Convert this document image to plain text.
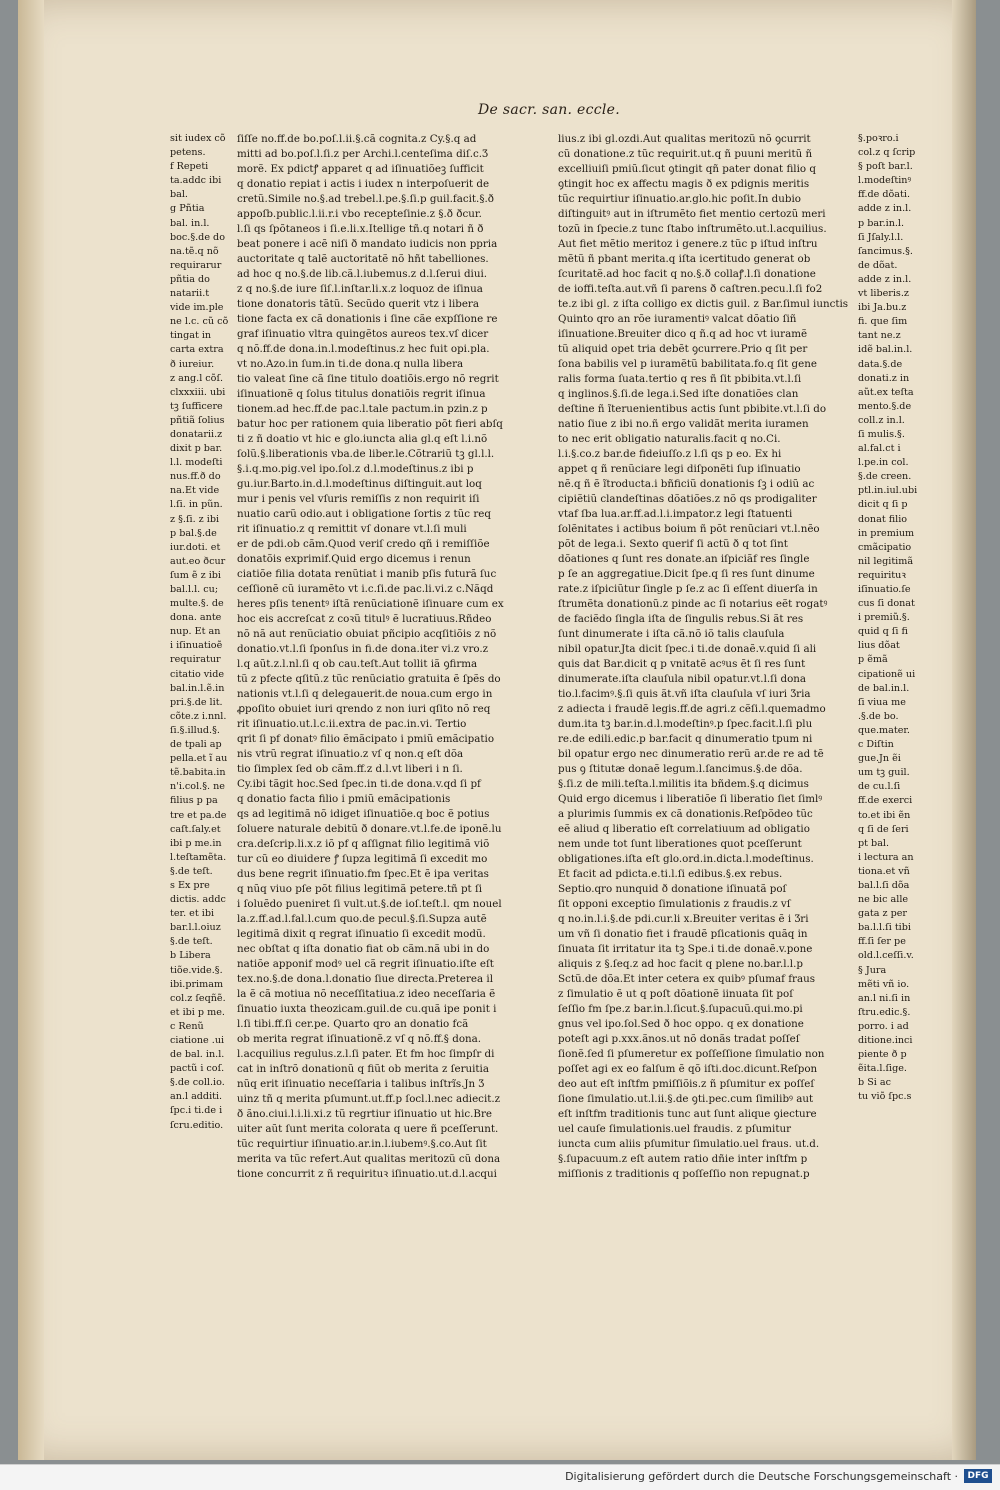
De sacr. san. eccle.

sit iudex cõ

petens.

f Repeti

ta.addc ibi

bal.

g Pñtia

bal. in.l.

boc.§.de do

na.tẽ.q nõ

requirarur

pñtia do

natarii.t

vide im.ple

ne l.c. cũ cõ

tingat in

carta extra

ð iureiur.

z ang.l cõſ.

clxxxiii. ubi

tꝫ ſufficere

pñtiã ſolius

donatarii.z

dixit p bar.

l.l. modeſti

nus.ff.ð do

na.Et vide

l.ſi. in pũn.

z §.ſi. z ibi

p bal.§.de

iur.doti. et

aut.eo ðcur

ſum ẽ z ibi

bal.l.l. cu;

multe.§. de

dona. ante

nup. Et an

i iſinuatioẽ

requiratur

citatio vide

bal.in.l.ẽ.in

pri.§.de lit.

cõte.z i.nnl.

ſi.§.illud.§.

de tpali ap

pella.et ĩ au

tẽ.babita.in

n'i.col.§. ne

filius p pa

tre et pa.de

caſt.ſaly.et

ibi p me.in

l.teſtamẽta.

§.de teſt.

s Ex pre

dictis. addc

ter. et ibi

bar.l.l.oiuz

§.de teſt.

b Libera

tiõe.vide.§.

ibi.primam

col.z ſeqñẽ.

et ibi p me.

c Renũ

ciatione .ui

de bal. in.l.

pactũ i coſ.

§.de coll.io.

an.l additi.

ſpc.i ti.de i

ſcru.editio.

ſiſſe no.ff.de bo.poſ.l.ii.§.cã cognita.z Cy.§.q ad

mitti ad bo.poſ.l.ſi.z per Archi.l.centeſima diſ.c.Ʒ

morẽ. Ex pdictꝭ apparet q ad iſinuatiõeꝫ ſufficit

q donatio repiat i actis i iudex n interpoſuerit de

cretũ.Simile no.§.ad trebel.l.pe.§.ſi.p guil.facit.§.ð

appoſb.public.l.ii.r.i vbo recepteſinie.z §.ð ðcur.

l.ſi qs ſpõtaneos i ſi.e.li.x.Itellige tñ.q notari ñ ð

beat ponere i acẽ niſi ð mandato iudicis non ppria

auctoritate q talẽ auctoritatẽ nõ hñt tabelliones.

ad hoc q no.§.de lib.cã.l.iubemus.z d.l.ſerui diui.

z q no.§.de iure ſiſ.l.inſtar.li.x.z loquoz de iſinua

tione donatoris tãtũ. Secũdo querit vtz i libera

tione facta ex cã donationis i ſine cãe expſſione re

graf iſinuatio vltra quingẽtos aureos tex.vſ dicer

q nõ.ff.de dona.in.l.modeſtinus.z hec fuit opi.pla.

vt no.Azo.in ſum.in ti.de dona.q nulla libera

tio valeat ſine cã ſine titulo doatiõis.ergo nõ regrit

iſinuationẽ q ſolus titulus donatiõis regrit iſinua

tionem.ad hec.ff.de pac.l.tale pactum.in pzin.z p

batur hoc per rationem quia liberatio põt fieri abſq

ti z ñ doatio vt hic e glo.iuncta alia gl.q eſt l.i.nõ

ſolũ.§.liberationis vba.de liber.le.Cõtrariũ tꝫ gl.l.l.

§.i.q.mo.pig.vel ipo.ſol.z d.l.modeſtinus.z ibi p

gu.iur.Barto.in.d.l.modeſtinus diſtinguit.aut loq

mur i penis vel vſuris remiſſis z non requirit iſi

nuatio carũ odio.aut i obligatione ſortis z tũc req

rit iſinuatio.z q remittit vſ donare vt.l.ſi muli

er de pdi.ob cãm.Quod veriſ credo qñ i remiſſiõe

donatõis exprimif.Quid ergo dicemus i renun

ciatiõe filia dotata renũtiat i manib pſis futurã ſuc

ceſſionẽ cũ iuramẽto vt i.c.ſi.de pac.li.vi.z c.Nãqd

heres pſis tenentꝰ iſtã renũciationẽ iſinuare cum ex

hoc eis accreſcat z coꝛũ titulꝰ ẽ lucratiuus.Rñdeo

nõ nã aut renũciatio obuiat pñcipio acqſitiõis z nõ

donatio.vt.l.ſi ſponſus in fi.de dona.iter vi.z vro.z

l.q aũt.z.l.nl.ſi q ob cau.teſt.Aut tollit iã ꝯfirma

tũ z pfecte qſitũ.z tũc renũciatio gratuita ẽ ſpẽs do

nationis vt.l.ſi q delegauerit.de noua.cum ergo in

ꝓpoſito obuiet iuri qrendo z non iuri qſito nõ req

rit iſinuatio.ut.l.c.ii.extra de pac.in.vi. Tertio

qrit ſi pf donatꝰ filio ẽmãcipato i pmiũ emãcipatio

nis vtrũ regrat iſinuatio.z vſ q non.q eſt dõa

tio ſimplex ſed ob cãm.ff.z d.l.vt liberi i n ſi.

Cy.ibi tãgit hoc.Sed ſpec.in ti.de dona.v.qd ſi pf

q donatio facta filio i pmiũ emãcipationis

qs ad legitimã nõ idiget iſinuatiõe.q boc ẽ potius

ſoluere naturale debitũ ð donare.vt.l.fe.de iponẽ.lu

cra.deſcrip.li.x.z iõ pf q aſſignat filio legitimã viõ

tur cũ eo diuidere ꝭ ſupza legitimã ſi excedit mo

dus bene regrit iſinuatio.fm ſpec.Et ẽ ipa veritas

q nũq viuo pſe põt filius legitimã petere.tñ pt ſi

i ſoluẽdo pueniret ſi vult.ut.§.de ioſ.teſt.l. qm nouel

la.z.ff.ad.l.fal.l.cum quo.de pecul.§.ſi.Supza autẽ

legitimã dixit q regrat iſinuatio ſi excedit modũ.

nec obſtat q iſta donatio fiat ob cãm.nã ubi in do

natiõe apponif modꝰ uel cã regrit iſinuatio.iſte eſt

tex.no.§.de dona.l.donatio ſiue directa.Preterea il

la ẽ cã motiua nõ neceſſitatiua.z ideo neceſſaria ẽ

ſinuatio iuxta theozicam.guil.de cu.quã ipe ponit i

l.ſi tibi.ff.ſi cer.pe. Quarto qro an donatio fcã

ob merita regrat iſinuationẽ.z vſ q nõ.ff.§ dona.

l.acquilius regulus.z.l.ſi pater. Et fm hoc ſimpſr di

cat in inſtrõ donationũ q fiũt ob merita z ſeruitia

nũq erit iſinuatio neceſſaria i talibus inſtrĩs.Jn Ʒ

uinz tñ q merita pſumunt.ut.ff.p ſocl.l.nec adiecit.z

ð ãno.ciui.l.i.li.xi.z tũ regrtiur iſinuatio ut hic.Bre

uiter aũt ſunt merita colorata q uere ñ pceſſerunt.

tũc requirtiur iſinuatio.ar.in.l.iubemꝰ.§.co.Aut ſit

merita va tũc refert.Aut qualitas meritozũ cũ dona

tione concurrit z ñ requirituꝛ iſinuatio.ut.d.l.acqui

lius.z ibi gl.ozdi.Aut qualitas meritozũ nõ ꝯcurrit

cũ donatione.z tũc requirit.ut.q ñ puuni meritũ ñ

excelliuiſi pmiũ.ſicut ꝯtingit qñ pater donat filio q

ꝯtingit hoc ex affectu magis ð ex pdignis meritis

tũc requirtiur iſinuatio.ar.glo.hic poſit.In dubio

diſtinguitꝰ aut in iſtrumẽto fiet mentio certozũ meri

tozũ in ſpecie.z tunc ſtabo inſtrumẽto.ut.l.acquilius.

Aut fiet mẽtio meritoz i genere.z tũc p iſtud inſtru

mẽtũ ñ pbant merita.q iſta icertitudo generat ob

ſcuritatẽ.ad hoc facit q no.§.ð collaꝭ.l.ſi donatione

de ioffi.teſta.aut.vñ ſi parens ð caſtren.pecu.l.ſi fo2

te.z ibi gl. z iſta colligo ex dictis guil. z Bar.ſimul iunctis

Quinto qro an rõe iuramentiꝰ valcat dõatio ſiñ

iſinuatione.Breuiter dico q ñ.q ad hoc vt iuramẽ

tũ aliquid opet tria debẽt ꝯcurrere.Prio q ſit per

ſona babilis vel p iuramẽtũ babilitata.fo.q ſit gene

ralis forma ſuata.tertio q res ñ ſit pbibita.vt.l.ſi

q inglinos.§.ſi.de lega.i.Sed iſte donatiões clan

deſtine ñ ĩteruenientibus actis ſunt pbibite.vt.l.ſi do

natio ſiue z ibi no.ñ ergo validãt merita iuramen

to nec erit obligatio naturalis.facit q no.Ci.

l.i.§.co.z bar.de fideiuſſo.z l.ſi qs p eo. Ex hi

appet q ñ renũciare legi diſponẽti ſup iſinuatio

nẽ.q ñ ẽ ĩtroducta.i bñficiũ donationis ſꝫ i odiũ ac

cipiẽtiũ clandeſtinas dõatiões.z nõ qs prodigaliter

vtaf ſba lua.ar.ff.ad.l.i.impator.z legi ſtatuenti

ſolẽnitates i actibus boium ñ põt renũciari vt.l.nẽo

põt de lega.i. Sexto querif ſi actũ ð q tot ſint

dõationes q ſunt res donate.an iſpiciãf res ſingle

p ſe an aggregatiue.Dicit ſpe.q ſi res ſunt dinume

rate.z iſpiciũtur ſingle p ſe.z ac ſi eſſent diuerſa in

ſtrumẽta donationũ.z pinde ac ſi notarius eẽt rogatꝰ

de faciẽdo ſingla iſta de ſingulis rebus.Si ãt res

ſunt dinumerate i iſta cã.nõ iõ talis clauſula

nibil opatur.Jta dicit ſpec.i ti.de donaẽ.v.quid ſi ali

quis dat Bar.dicit q p vnitatẽ acꝰus ẽt ſi res ſunt

dinumerate.iſta clauſula nibil opatur.vt.l.ſi dona

tio.l.facimꝰ.§.ſi quis ãt.vñ iſta clauſula vſ iuri Ʒria

z adiecta i fraudẽ legis.ff.de agri.z cẽſi.l.quemadmo

dum.ita tꝫ bar.in.d.l.modeſtinꝰ.p ſpec.facit.l.ſi plu

re.de edili.edic.p bar.facit q dinumeratio tpum ni

bil opatur ergo nec dinumeratio rerũ ar.de re ad tẽ

pus ꝯ ſtitutæ donaẽ legum.l.ſancimus.§.de dõa.

§.ſi.z de mili.teſta.l.militis ita bñdem.§.q dicimus

Quid ergo dicemus i liberatiõe ſi liberatio ſiet ſimlꝰ

a plurimis ſummis ex cã donationis.Reſpõdeo tũc

eẽ aliud q liberatio eſt correlatiuum ad obligatio

nem unde tot ſunt liberationes quot pceſſerunt

obligationes.iſta eſt glo.ord.in.dicta.l.modeſtinus.

Et facit ad pdicta.e.ti.l.ſi edibus.§.ex rebus.

Septio.qro nunquid ð donatione iſinuatã poſ

ſit opponi exceptio ſimulationis z fraudis.z vſ

q no.in.l.i.§.de pdi.cur.li x.Breuiter veritas ẽ i Ʒri

um vñ ſi donatio fiet i fraudẽ pſicationis quãq in

ſinuata ſit irritatur ita tꝫ Spe.i ti.de donaẽ.v.pone

aliquis z §.ſeq.z ad hoc facit q plene no.bar.l.l.p

Sctũ.de dõa.Et inter cetera ex quibꝰ pſumaf fraus

z ſimulatio ẽ ut q poſt dõationẽ iinuata ſit poſ

ſeſſio fm ſpe.z bar.in.l.ſicut.§.ſupacuũ.qui.mo.pi

gnus vel ipo.ſol.Sed ð hoc oppo. q ex donatione

poteſt agi p.xxx.ãnos.ut nõ donãs tradat poſſeſ

ſionẽ.ſed ſi pſumeretur ex poſſeſſione ſimulatio non

poſſet agi ex eo falſum ẽ qõ iſti.doc.dicunt.Reſpon

deo aut eſt inſtfm pmiſſiõis.z ñ pſumitur ex poſſeſ

ſione ſimulatio.ut.l.ii.§.de ꝯti.pec.cum ſimilibꝰ aut

eſt inſtfm traditionis tunc aut ſunt alique ꝯiecture

uel cauſe ſimulationis.uel fraudis. z pſumitur

iuncta cum aliis pſumitur ſimulatio.uel fraus. ut.d.

§.ſupacuum.z eſt autem ratio dñie inter inſtfm p

miſſionis z traditionis q poſſeſſio non repugnat.p

§.poꝛro.i

col.z q ſcrip

§ poſt bar.l.

l.modeſtinꝰ

ff.de dõati.

adde z in.l.

p bar.in.l.

ſi Jſaly.l.l.

ſancimus.§.

de dõat.

adde z in.l.

vt liberis.z

ibi Ja.bu.z

fi. que ſim

tant ne.z

idẽ bal.in.l.

data.§.de

donati.z in

aũt.ex teſta

mento.§.de

coll.z in.l.

ſi mulis.§.

al.fal.ct i

l.pe.in col.

§.de creen.

ptl.in.iul.ubi

dicit q ſi p

donat filio

in premium

cmãcipatio

nil legitimã

requirituꝛ

iſinuatio.ſe

cus ſi donat

i premiũ.§.

quid q ſi fi

lius dõat

p ẽmã

cipationẽ ui

de bal.in.l.

ſi viua me

.§.de bo.

que.mater.

c Diſtin

gue.Jn ẽi

um tꝫ guil.

de cu.l.ſi

ff.de exerci

to.et ibi ẽn

q ſi de ſeri

pt bal.

i lectura an

tiona.et vñ

bal.l.ſi dõa

ne bic alle

gata z per

ba.l.l.ſi tibi

ff.ſi ſer pe

old.l.ceſſi.v.

§ Jura

mẽti vñ io.

an.l ni.ſi in

ſtru.edic.§.

porro. i ad

ditione.inci

piente ð p

ẽita.l.ſige.

b Si ac

tu viõ ſpc.s

Digitalisierung gefördert durch die Deutsche Forschungsgemeinschaft ·	DFG
